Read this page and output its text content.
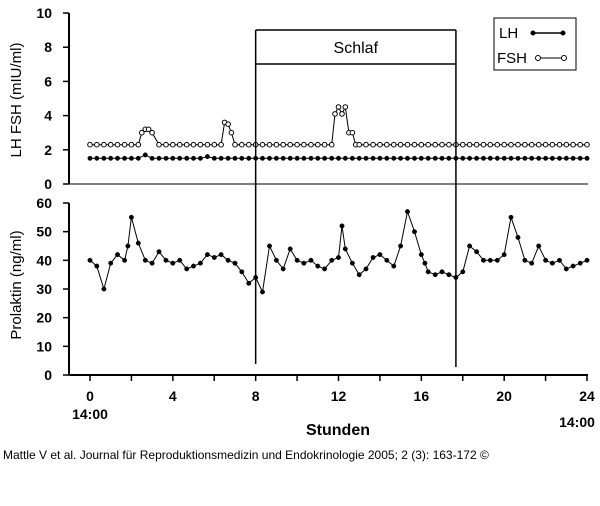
10
8
6
4
2
0
LH FSH (mIU/ml)
60
50
40
30
20
10
0
0	4	8	12	16	20	24
Prolaktin (ng/ml)
Stunden
14:00	14:00
Schlaf
LH
FSH
Mattle V et al. Journal für Reproduktionsmedizin und Endokrinologie 2005; 2 (3): 163-172 ©
